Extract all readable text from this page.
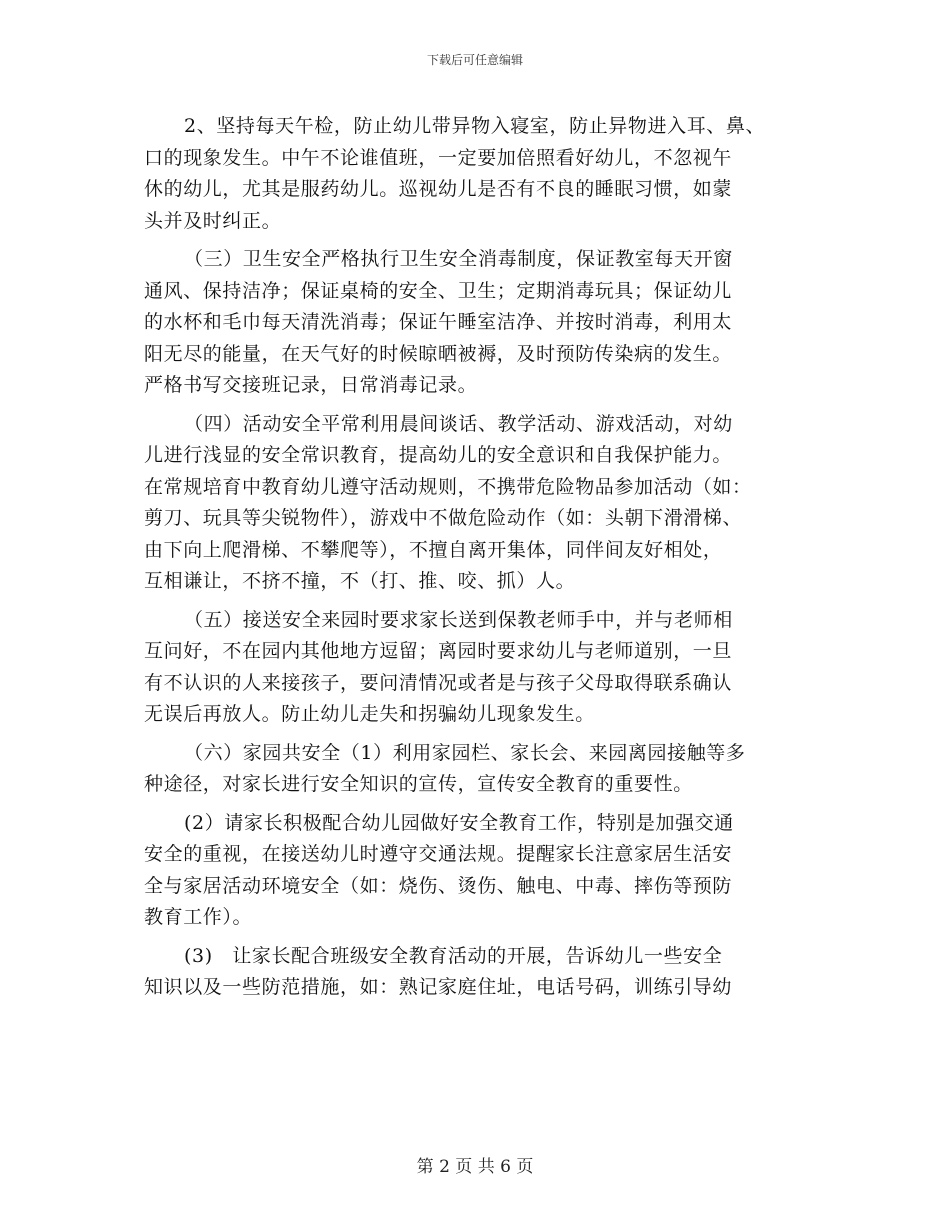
下载后可任意编辑
2、坚持每天午检，防止幼儿带异物入寝室，防止异物进入耳、鼻、
口的现象发生。中午不论谁值班，一定要加倍照看好幼儿，不忽视午
休的幼儿，尤其是服药幼儿。巡视幼儿是否有不良的睡眠习惯，如蒙
头并及时纠正。
（三）卫生安全严格执行卫生安全消毒制度，保证教室每天开窗
通风、保持洁净；保证桌椅的安全、卫生；定期消毒玩具；保证幼儿
的水杯和毛巾每天清洗消毒；保证午睡室洁净、并按时消毒，利用太
阳无尽的能量，在天气好的时候晾晒被褥，及时预防传染病的发生。
严格书写交接班记录，日常消毒记录。
（四）活动安全平常利用晨间谈话、教学活动、游戏活动，对幼
儿进行浅显的安全常识教育，提高幼儿的安全意识和自我保护能力。
在常规培育中教育幼儿遵守活动规则，不携带危险物品参加活动（如：
剪刀、玩具等尖锐物件），游戏中不做危险动作（如：头朝下滑滑梯、
由下向上爬滑梯、不攀爬等），不擅自离开集体，同伴间友好相处，
互相谦让，不挤不撞，不（打、推、咬、抓）人。
（五）接送安全来园时要求家长送到保教老师手中，并与老师相
互问好，不在园内其他地方逗留；离园时要求幼儿与老师道别，一旦
有不认识的人来接孩子，要问清情况或者是与孩子父母取得联系确认
无误后再放人。防止幼儿走失和拐骗幼儿现象发生。
（六）家园共安全（1）利用家园栏、家长会、来园离园接触等多
种途径，对家长进行安全知识的宣传，宣传安全教育的重要性。
(2）请家长积极配合幼儿园做好安全教育工作，特别是加强交通
安全的重视，在接送幼儿时遵守交通法规。提醒家长注意家居生活安
全与家居活动环境安全（如：烧伤、烫伤、触电、中毒、摔伤等预防
教育工作）。
(3)　让家长配合班级安全教育活动的开展，告诉幼儿一些安全
知识以及一些防范措施，如：熟记家庭住址，电话号码，训练引导幼
第 2 页 共 6 页
